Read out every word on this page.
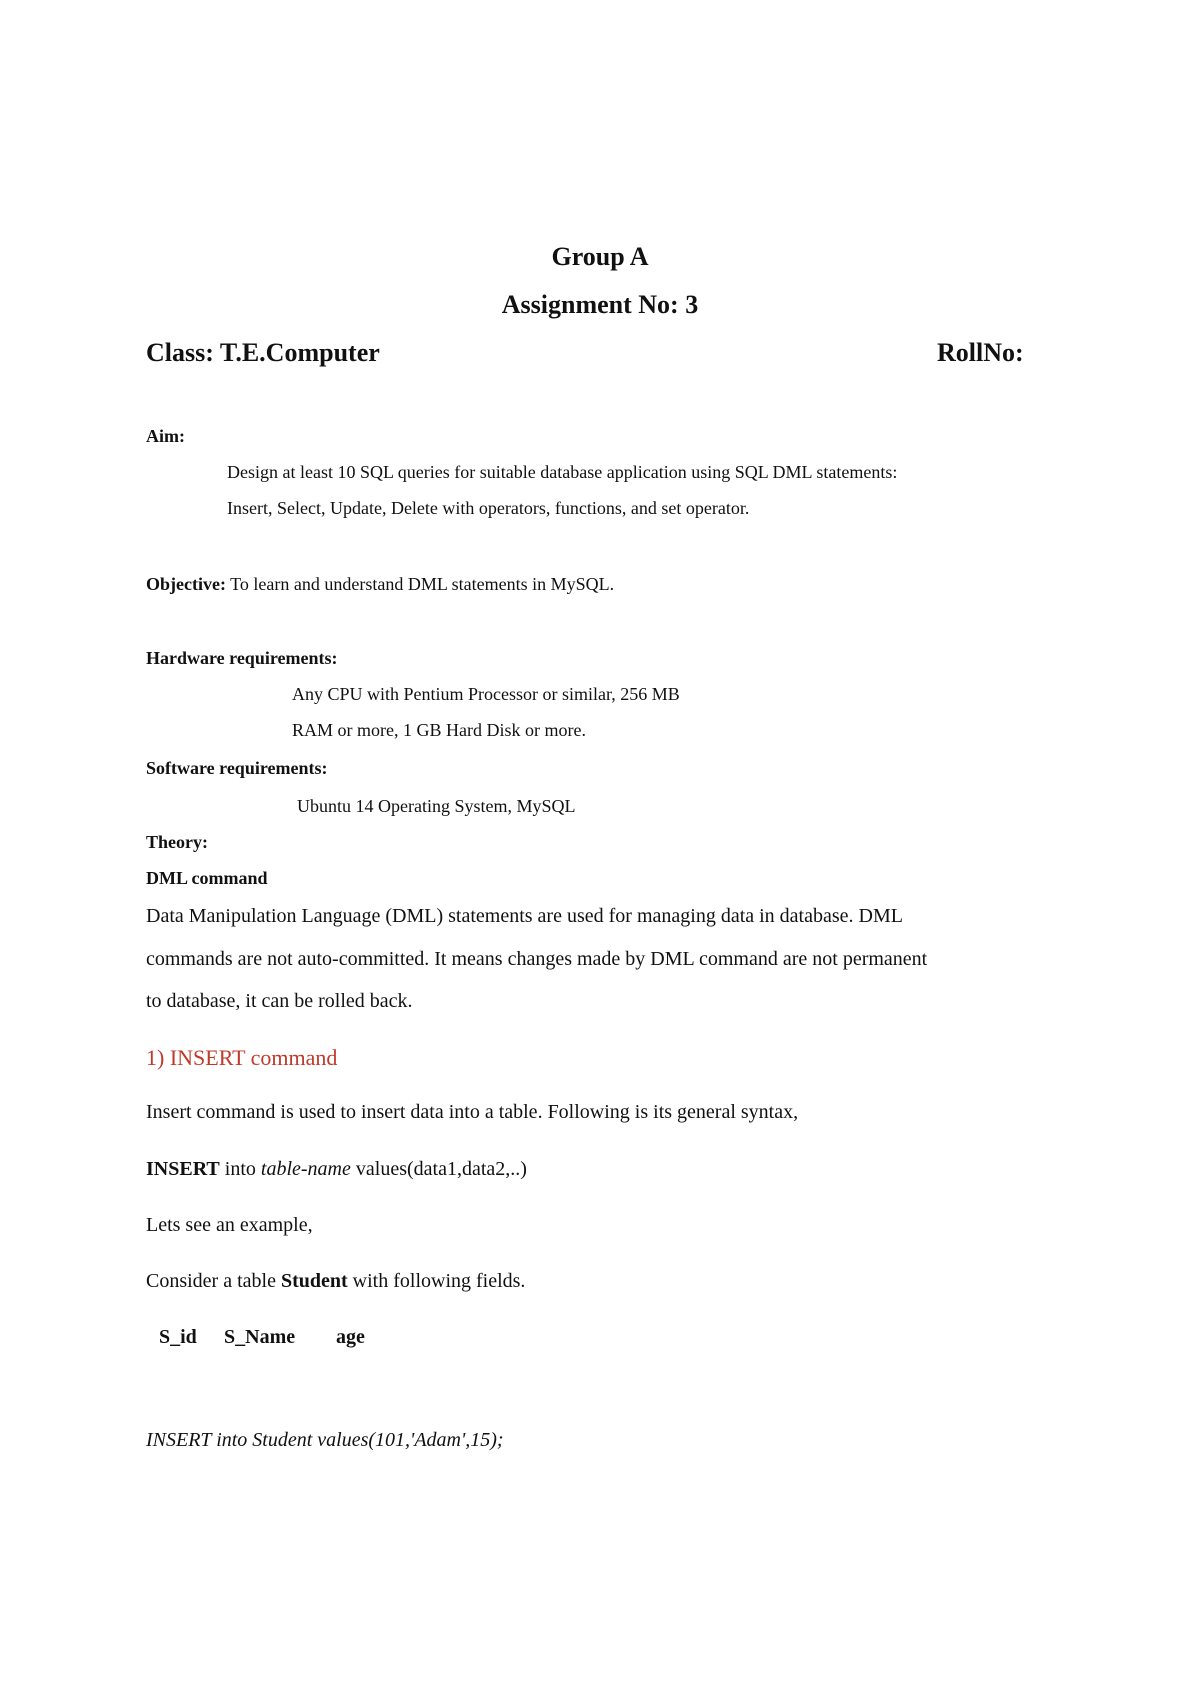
Group A
Assignment No: 3
Class: T.E.Computer	RollNo:
Aim:
Design at least 10 SQL queries for suitable database application using SQL DML statements:
Insert, Select, Update, Delete with operators, functions, and set operator.
Objective: To learn and understand DML statements in MySQL.
Hardware requirements:
Any CPU with Pentium Processor or similar, 256 MB
RAM or more, 1 GB Hard Disk or more.
Software requirements:
Ubuntu 14 Operating System, MySQL
Theory:
DML command
Data Manipulation Language (DML) statements are used for managing data in database. DML
commands are not auto-committed. It means changes made by DML command are not permanent
to database, it can be rolled back.
1) INSERT command
Insert command is used to insert data into a table. Following is its general syntax,
INSERT into table-name values(data1,data2,..)
Lets see an example,
Consider a table Student with following fields.
S_id S_Name age
INSERT into Student values(101,'Adam',15);
